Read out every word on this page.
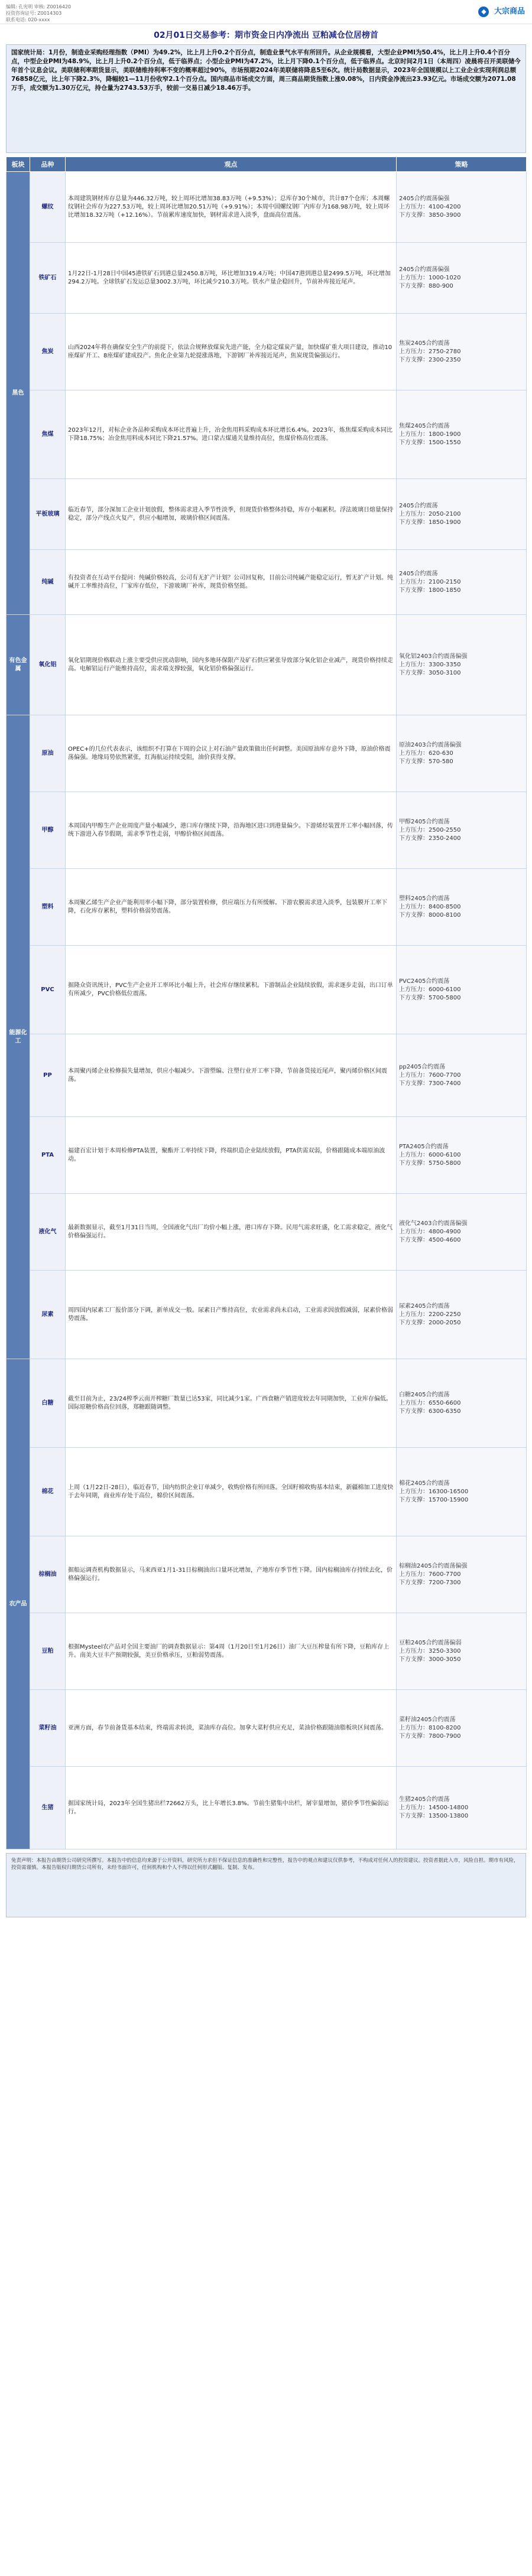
编辑: 孔宪明 审核: Z0016420
投资咨询证号: Z0014303
联系电话: 020-xxxx
◆ 大宗商品
02月01日交易参考：期市资金日内净流出 豆粕减仓位居榜首
国家统计局：1月份，制造业采购经理指数（PMI）为49.2%，比上月上升0.2个百分点，制造业景气水平有所回升。从企业规模看，大型企业PMI为50.4%，比上月上升0.4个百分点，中型企业PMI为48.9%，比上月上升0.2个百分点，低于临界点；小型企业PMI为47.2%，比上月下降0.1个百分点，低于临界点。北京时间2月1日（本周四）凌晨将召开美联储今年首个议息会议。美联储利率期货显示，美联储维持利率不变的概率超过90%，市场预期2024年美联储将降息5至6次。统计局数据显示，2023年全国规模以上工业企业实现利润总额76858亿元，比上年下降2.3%，降幅较1—11月份收窄2.1个百分点。国内商品市场成交方面，周三商品期货指数上涨0.08%，日内资金净流出23.93亿元。市场成交额为2071.08万手，成交额为1.30万亿元，持仓量为2743.53万手，较前一交易日减少18.46万手。
板块	品种	观点	策略
黑色	螺纹	本周建筑钢材库存总量为446.32万吨，较上周环比增加38.83万吨（+9.53%）；总库存30个城市，共计87个仓库；本周螺纹钢社会库存为227.53万吨，较上周环比增加20.51万吨（+9.91%）；本周中国螺纹钢厂内库存为168.98万吨，较上周环比增加18.32万吨（+12.16%）。节前累库速度加快，钢材需求进入淡季，盘面高位震荡。	2405合约震荡偏强
上方压力：4100-4200
下方支撑：3850-3900
	铁矿石	1月22日-1月28日中国45港铁矿石到港总量2450.8万吨，环比增加319.4万吨；中国47港到港总量2499.5万吨，环比增加294.2万吨。全球铁矿石发运总量3002.3万吨，环比减少210.3万吨。铁水产量企稳回升，节前补库接近尾声。	2405合约震荡偏强
上方压力：1000-1020
下方支撑：880-900
	焦炭	山西2024年将在确保安全生产的前提下，依法合规释放煤炭先进产能，全力稳定煤炭产量，加快煤矿重大项目建设，推动10座煤矿开工、8座煤矿建成投产。焦化企业第九轮提涨落地，下游钢厂补库接近尾声，焦炭现货偏强运行。	焦炭2405合约震荡
上方压力：2750-2780
下方支撑：2300-2350
	焦煤	2023年12月，对标企业各品种采购成本环比普遍上升，冶金焦用料采购成本环比增长6.4%。2023年，炼焦煤采购成本同比下降18.75%；冶金焦用料成本同比下降21.57%。进口蒙古煤通关量维持高位，焦煤价格高位震荡。	焦煤2405合约震荡
上方压力：1800-1900
下方支撑：1500-1550
	平板玻璃	临近春节，部分深加工企业计划放假，整体需求进入季节性淡季，但现货价格整体持稳，库存小幅累积。浮法玻璃日熔量保持稳定，部分产线点火复产，供应小幅增加，玻璃价格区间震荡。	2405合约震荡
上方压力：2050-2100
下方支撑：1850-1900
	纯碱	有投资者在互动平台提问：纯碱价格较高，公司有无扩产计划？公司回复称，目前公司纯碱产能稳定运行，暂无扩产计划。纯碱开工率维持高位，厂家库存低位，下游玻璃厂补库，现货价格坚挺。	2405合约震荡
上方压力：2100-2150
下方支撑：1800-1850
有色金属	氧化铝	氧化铝期现价格联动上涨主要受供应扰动影响，国内多地环保限产及矿石供应紧张导致部分氧化铝企业减产，现货价格持续走高。电解铝运行产能维持高位，需求端支撑较强，氧化铝价格偏强运行。	氧化铝2403合约震荡偏强
上方压力：3300-3350
下方支撑：3050-3100
能源化工	原油	OPEC+的几位代表表示，该组织不打算在下周的会议上对石油产量政策做出任何调整。美国原油库存意外下降，原油价格震荡偏强。地缘局势依然紧张，红海航运持续受阻，油价获得支撑。	原油2403合约震荡偏强
上方压力：620-630
下方支撑：570-580
	甲醇	本周国内甲醇生产企业周度产量小幅减少，港口库存继续下降，沿海地区进口到港量偏少。下游烯烃装置开工率小幅回落，传统下游进入春节假期，需求季节性走弱，甲醇价格区间震荡。	甲醇2405合约震荡
上方压力：2500-2550
下方支撑：2350-2400
	塑料	本周聚乙烯生产企业产能利用率小幅下降，部分装置检修，供应端压力有所缓解。下游农膜需求进入淡季，包装膜开工率下降，石化库存累积，塑料价格弱势震荡。	塑料2405合约震荡
上方压力：8400-8500
下方支撑：8000-8100
	PVC	据隆众资讯统计，PVC生产企业开工率环比小幅上升，社会库存继续累积。下游制品企业陆续放假，需求逐步走弱，出口订单有所减少，PVC价格低位震荡。	PVC2405合约震荡
上方压力：6000-6100
下方支撑：5700-5800
	PP	本周聚丙烯企业检修损失量增加，供应小幅减少。下游塑编、注塑行业开工率下降，节前备货接近尾声，聚丙烯价格区间震荡。	pp2405合约震荡
上方压力：7600-7700
下方支撑：7300-7400
	PTA	福建百宏计划于本周检修PTA装置，聚酯开工率持续下降，终端织造企业陆续放假，PTA供需双弱，价格跟随成本端原油波动。	PTA2405合约震荡
上方压力：6000-6100
下方支撑：5750-5800
	液化气	最新数据显示，截至1月31日当周，全国液化气出厂均价小幅上涨，港口库存下降。民用气需求旺盛，化工需求稳定，液化气价格偏强运行。	液化气2403合约震荡偏强
上方压力：4800-4900
下方支撑：4500-4600
	尿素	周四国内尿素工厂报价部分下调，新单成交一般。尿素日产维持高位，农业需求尚未启动，工业需求因放假减弱，尿素价格弱势震荡。	尿素2405合约震荡
上方压力：2200-2250
下方支撑：2000-2050
农产品	白糖	截至目前为止，23/24榨季云南开榨糖厂数量已达53家，同比减少1家。广西食糖产销进度较去年同期加快，工业库存偏低。国际原糖价格高位回落，郑糖跟随调整。	白糖2405合约震荡
上方压力：6550-6600
下方支撑：6300-6350
	棉花	上周（1月22日-28日），临近春节，国内纺织企业订单减少，收购价格有所回落。全国籽棉收购基本结束，新疆棉加工进度快于去年同期，商业库存处于高位，棉价区间震荡。	棉花2405合约震荡
上方压力：16300-16500
下方支撑：15700-15900
	棕榈油	据船运调查机构数据显示，马来西亚1月1-31日棕榈油出口量环比增加，产地库存季节性下降。国内棕榈油库存持续去化，价格偏强运行。	棕榈油2405合约震荡偏强
上方压力：7600-7700
下方支撑：7200-7300
	豆粕	根据Mysteel农产品对全国主要油厂的调查数据显示：第4周（1月20日至1月26日）油厂大豆压榨量有所下降，豆粕库存上升。南美大豆丰产预期较强，美豆价格承压，豆粕弱势震荡。	豆粕2405合约震荡偏弱
上方压力：3250-3300
下方支撑：3000-3050
	菜籽油	亚洲方面，春节前备货基本结束，终端需求转淡，菜油库存高位。加拿大菜籽供应充足，菜油价格跟随油脂板块区间震荡。	菜籽油2405合约震荡
上方压力：8100-8200
下方支撑：7800-7900
	生猪	据国家统计局，2023年全国生猪出栏72662万头，比上年增长3.8%。节前生猪集中出栏，屠宰量增加，猪价季节性偏弱运行。	生猪2405合约震荡
上方压力：14500-14800
下方支撑：13500-13800
免责声明：本报告由期货公司研究所撰写。本报告中的信息均来源于公开资料，研究所力求但不保证信息的准确性和完整性，报告中的观点和建议仅供参考，不构成对任何人的投资建议。投资者据此入市，风险自担。期市有风险，投资需谨慎。本报告版权归期货公司所有，未经书面许可，任何机构和个人不得以任何形式翻版、复制、发布。
